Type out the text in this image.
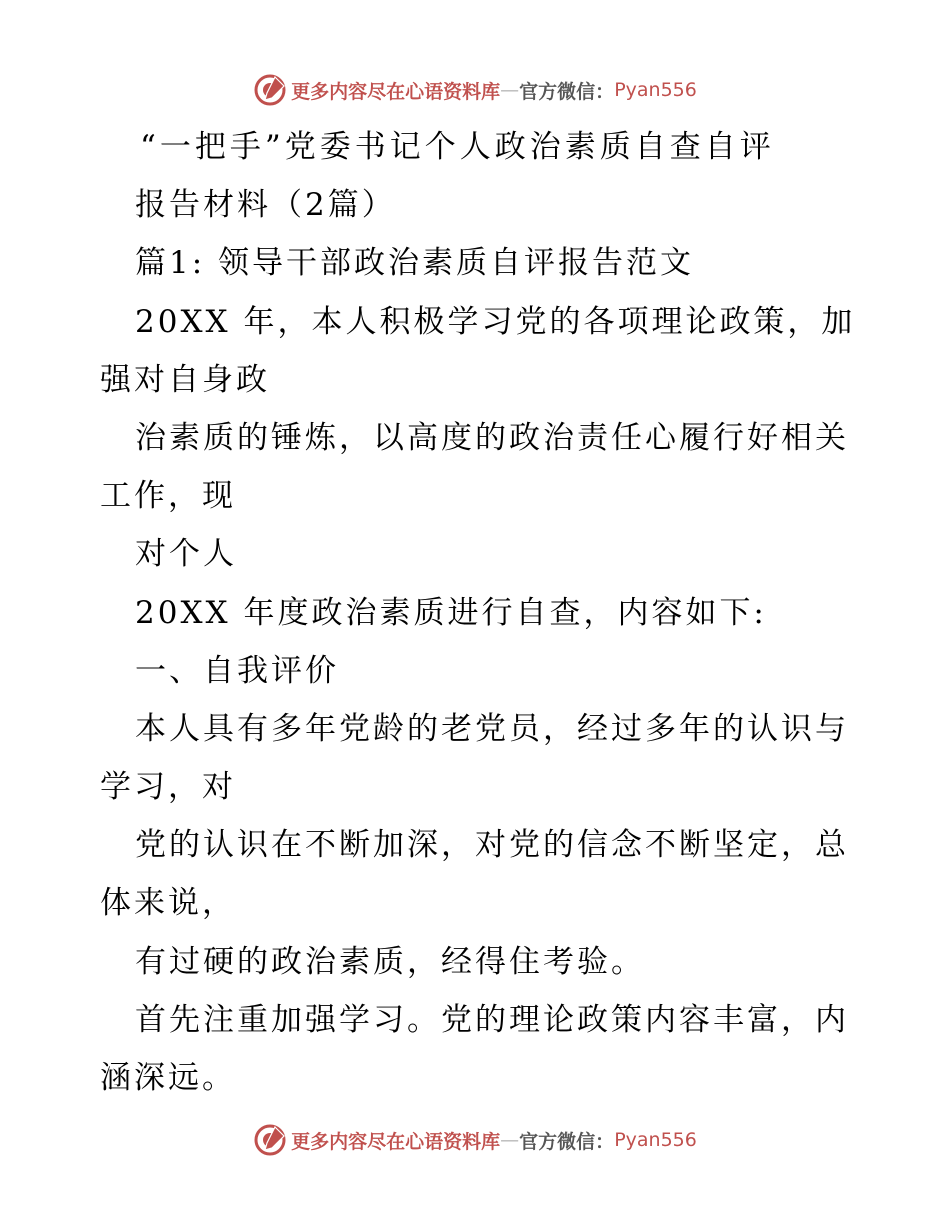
更多内容尽在心语资料库 — 官方微信： Pyan556
“一把手”党委书记个人政治素质自查自评
报告材料（2篇）
篇1: 领导干部政治素质自评报告范文
20XX 年，本人积极学习党的各项理论政策，加
强对自身政
治素质的锤炼，以高度的政治责任心履行好相关
工作，现
对个人
20XX 年度政治素质进行自查，内容如下:
一、自我评价
本人具有多年党龄的老党员，经过多年的认识与
学习，对
党的认识在不断加深，对党的信念不断坚定，总
体来说，
有过硬的政治素质，经得住考验。
首先注重加强学习。党的理论政策内容丰富，内
涵深远。
更多内容尽在心语资料库 — 官方微信： Pyan556
